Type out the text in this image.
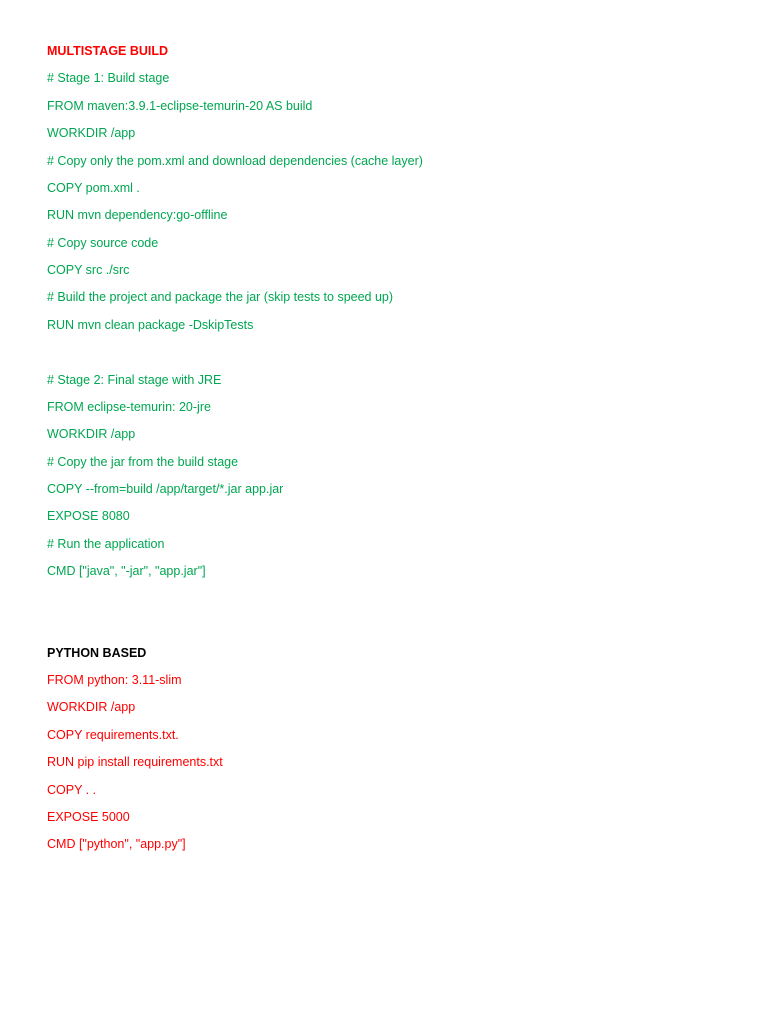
MULTISTAGE BUILD
# Stage 1: Build stage
FROM maven:3.9.1-eclipse-temurin-20 AS build
WORKDIR /app
# Copy only the pom.xml and download dependencies (cache layer)
COPY pom.xml .
RUN mvn dependency:go-offline
# Copy source code
COPY src ./src
# Build the project and package the jar (skip tests to speed up)
RUN mvn clean package -DskipTests
# Stage 2: Final stage with JRE
FROM eclipse-temurin: 20-jre
WORKDIR /app
# Copy the jar from the build stage
COPY --from=build /app/target/*.jar app.jar
EXPOSE 8080
# Run the application
CMD ["java", "-jar", "app.jar"]
PYTHON BASED
FROM python: 3.11-slim
WORKDIR /app
COPY requirements.txt.
RUN pip install requirements.txt
COPY . .
EXPOSE 5000
CMD ["python", "app.py"]
